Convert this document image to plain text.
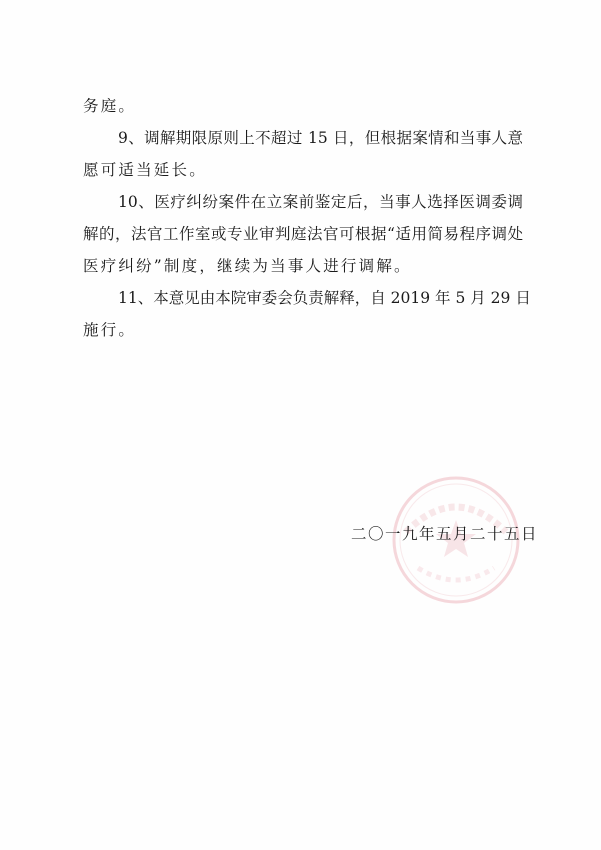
务庭。
9、调解期限原则上不超过 15 日，但根据案情和当事人意
愿可适当延长。
10、医疗纠纷案件在立案前鉴定后，当事人选择医调委调
解的，法官工作室或专业审判庭法官可根据“适用简易程序调处
医疗纠纷”制度，继续为当事人进行调解。
11、本意见由本院审委会负责解释，自 2019 年 5 月 29 日
施行。
二〇一九年五月二十五日
